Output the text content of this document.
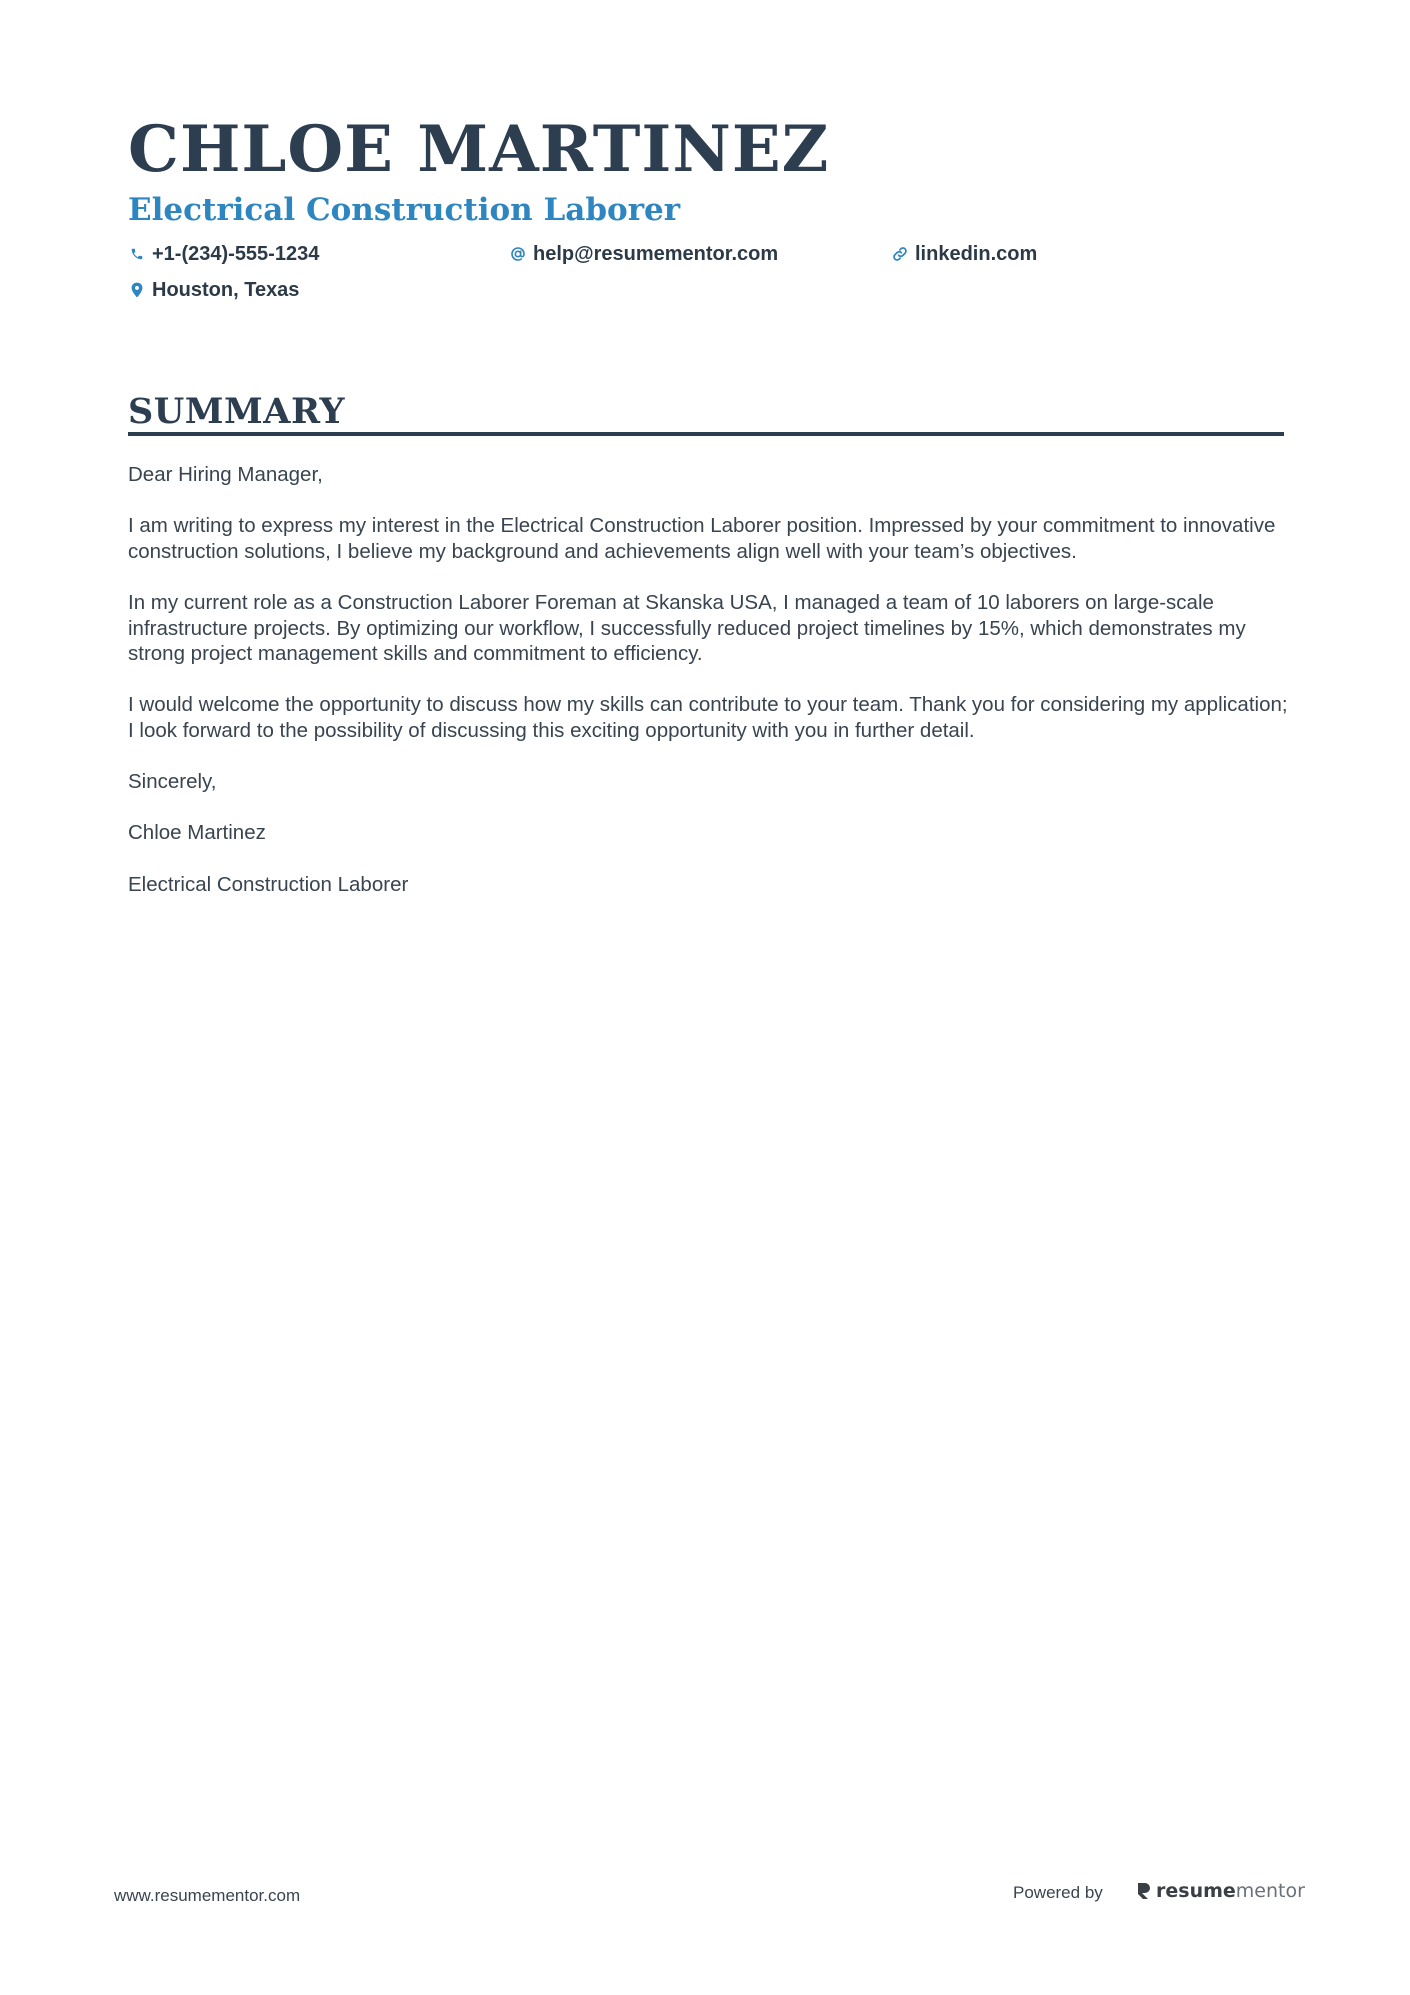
CHLOE MARTINEZ
Electrical Construction Laborer
+1-(234)-555-1234	help@resumementor.com	linkedin.com
Houston, Texas
SUMMARY

Dear Hiring Manager,

I am writing to express my interest in the Electrical Construction Laborer position. Impressed by your commitment to innovative construction solutions, I believe my background and achievements align well with your team’s objectives.

In my current role as a Construction Laborer Foreman at Skanska USA, I managed a team of 10 laborers on large-scale infrastructure projects. By optimizing our workflow, I successfully reduced project timelines by 15%, which demonstrates my strong project management skills and commitment to efficiency.

I would welcome the opportunity to discuss how my skills can contribute to your team. Thank you for considering my application; I look forward to the possibility of discussing this exciting opportunity with you in further detail.

Sincerely,

Chloe Martinez

Electrical Construction Laborer

www.resumementor.com	Powered by	resume mentor
